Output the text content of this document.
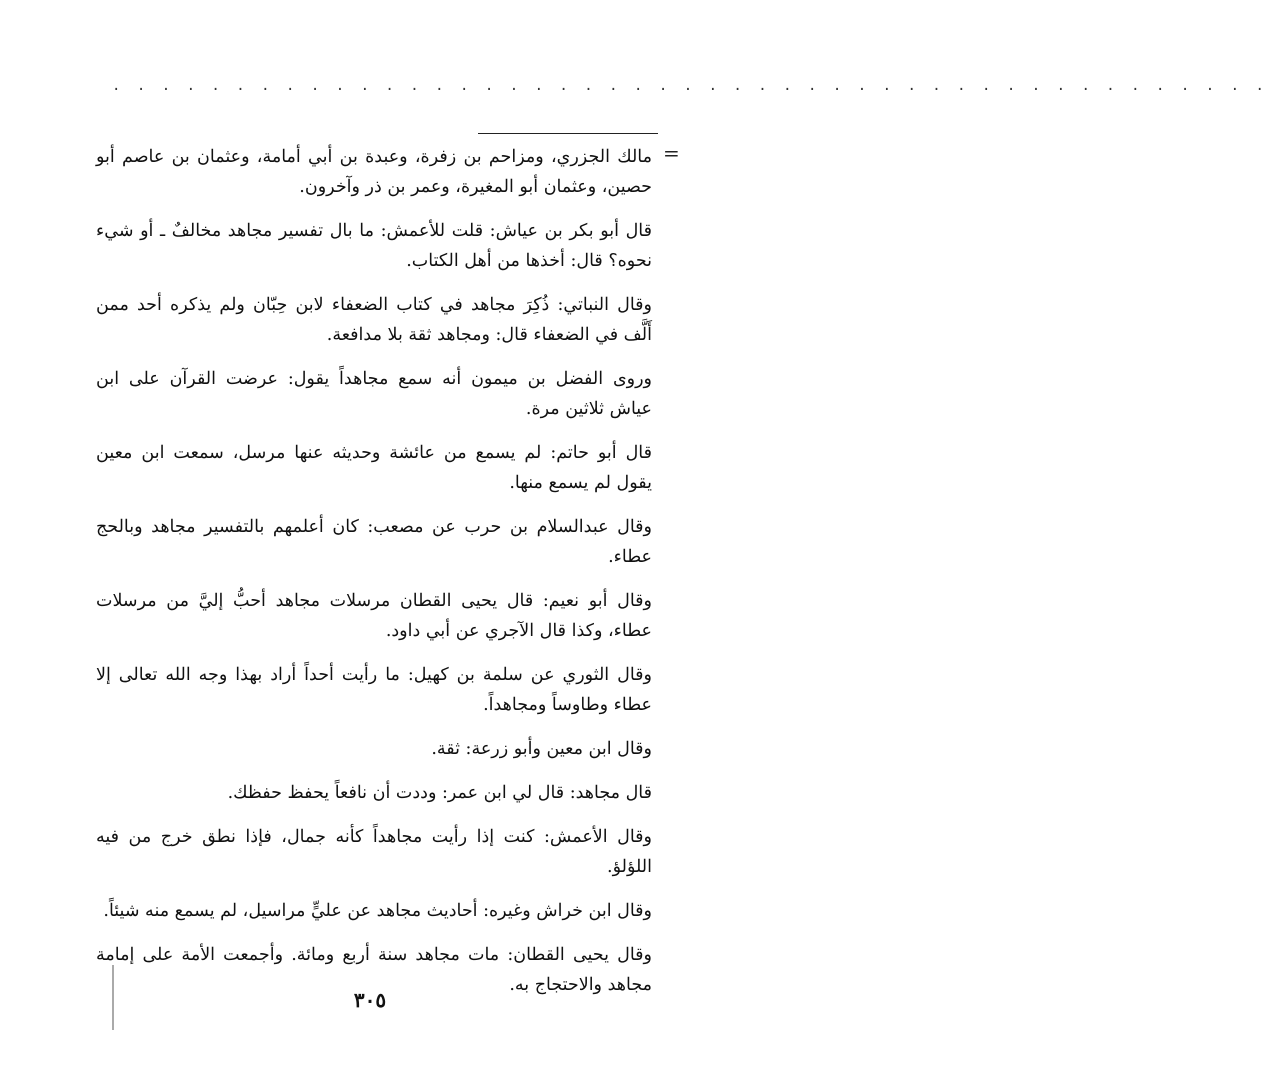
. . . . . . . . . . . . . . . . . . . . . . . . . . . . . . . . . . . . . . . . . . . . . . .
=

مالك الجزري، ومزاحم بن زفرة، وعبدة بن أبي أمامة، وعثمان بن عاصم أبو حصين، وعثمان أبو المغيرة، وعمر بن ذر وآخرون.

قال أبو بكر بن عياش: قلت للأعمش: ما بال تفسير مجاهد مخالفٌ ـ أو شيء نحوه؟ قال: أخذها من أهل الكتاب.

وقال النباتي: ذُكِرَ مجاهد في كتاب الضعفاء لابن حِبّان ولم يذكره أحد ممن أَلَّف في الضعفاء قال: ومجاهد ثقة بلا مدافعة.

وروى الفضل بن ميمون أنه سمع مجاهداً يقول: عرضت القرآن على ابن عياش ثلاثين مرة.

قال أبو حاتم: لم يسمع من عائشة وحديثه عنها مرسل، سمعت ابن معين يقول لم يسمع منها.

وقال عبدالسلام بن حرب عن مصعب: كان أعلمهم بالتفسير مجاهد وبالحج عطاء.

وقال أبو نعيم: قال يحيى القطان مرسلات مجاهد أحبُّ إليَّ من مرسلات عطاء، وكذا قال الآجري عن أبي داود.

وقال الثوري عن سلمة بن كهيل: ما رأيت أحداً أراد بهذا وجه الله تعالى إلا عطاء وطاوساً ومجاهداً.

وقال ابن معين وأبو زرعة: ثقة.

قال مجاهد: قال لي ابن عمر: وددت أن نافعاً يحفظ حفظك.

وقال الأعمش: كنت إذا رأيت مجاهداً كأنه جمال، فإذا نطق خرج من فيه اللؤلؤ.

وقال ابن خراش وغيره: أحاديث مجاهد عن عليٍّ مراسيل، لم يسمع منه شيئاً.

وقال يحيى القطان: مات مجاهد سنة أربع ومائة. وأجمعت الأمة على إمامة مجاهد والاحتجاج به.

٣٠٥
